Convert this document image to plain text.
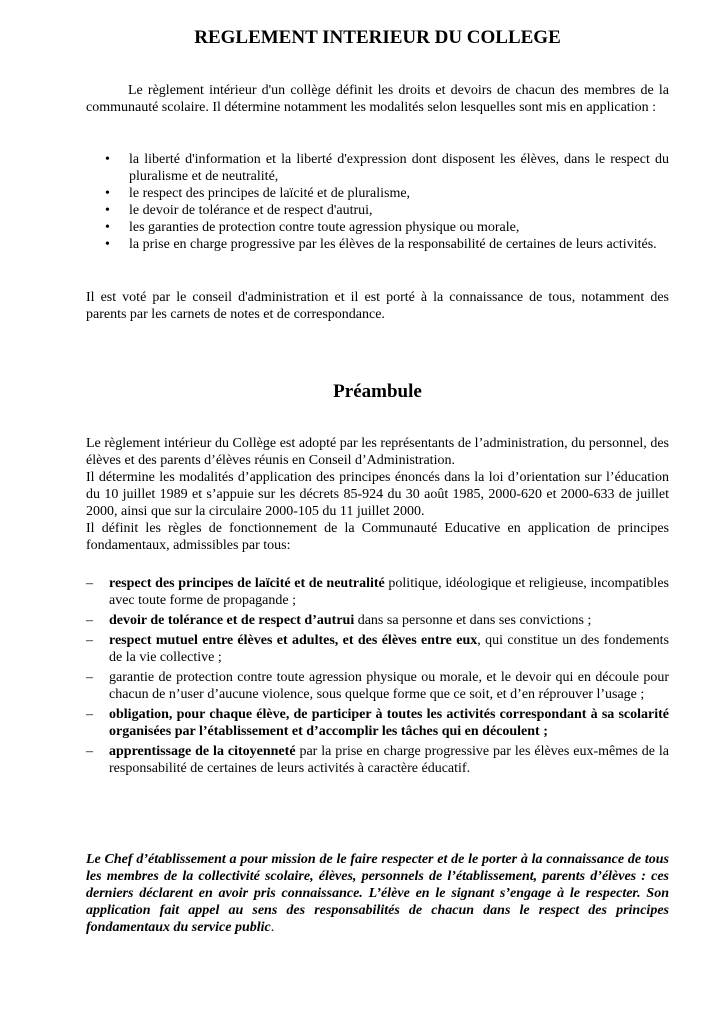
REGLEMENT INTERIEUR DU COLLEGE

Le règlement intérieur d'un collège définit les droits et devoirs de chacun des membres de la communauté scolaire. Il détermine notamment les modalités selon lesquelles sont mis en application :

• la liberté d'information et la liberté d'expression dont disposent les élèves, dans le respect du pluralisme et de neutralité,
• le respect des principes de laïcité et de pluralisme,
• le devoir de tolérance et de respect d'autrui,
• les garanties de protection contre toute agression physique ou morale,
• la prise en charge progressive par les élèves de la responsabilité de certaines de leurs activités.

Il est voté par le conseil d'administration et il est porté à la connaissance de tous, notamment des parents par les carnets de notes et de correspondance.

Préambule

Le règlement intérieur du Collège est adopté par les représentants de l’administration, du personnel, des élèves et des parents d’élèves réunis en Conseil d’Administration.

Il détermine les modalités d’application des principes énoncés dans la loi d’orientation sur l’éducation du 10 juillet 1989 et s’appuie sur les décrets 85-924 du 30 août 1985, 2000-620 et 2000-633 de juillet 2000, ainsi que sur la circulaire 2000-105 du 11 juillet 2000.

Il définit les règles de fonctionnement de la Communauté Educative en application de principes fondamentaux, admissibles par tous:

– respect des principes de laïcité et de neutralité politique, idéologique et religieuse, incompatibles avec toute forme de propagande ;
– devoir de tolérance et de respect d’autrui dans sa personne et dans ses convictions ;
– respect mutuel entre élèves et adultes, et des élèves entre eux, qui constitue un des fondements de la vie collective ;
– garantie de protection contre toute agression physique ou morale, et le devoir qui en découle pour chacun de n’user d’aucune violence, sous quelque forme que ce soit, et d’en réprouver l’usage ;
– obligation, pour chaque élève, de participer à toutes les activités correspondant à sa scolarité organisées par l’établissement et d’accomplir les tâches qui en découlent ;
– apprentissage de la citoyenneté par la prise en charge progressive par les élèves eux-mêmes de la responsabilité de certaines de leurs activités à caractère éducatif.

Le Chef d’établissement a pour mission de le faire respecter et de le porter à la connaissance de tous les membres de la collectivité scolaire, élèves, personnels de l’établissement, parents d’élèves : ces derniers déclarent en avoir pris connaissance. L’élève en le signant s’engage à le respecter. Son application fait appel au sens des responsabilités de chacun dans le respect des principes fondamentaux du service public.
